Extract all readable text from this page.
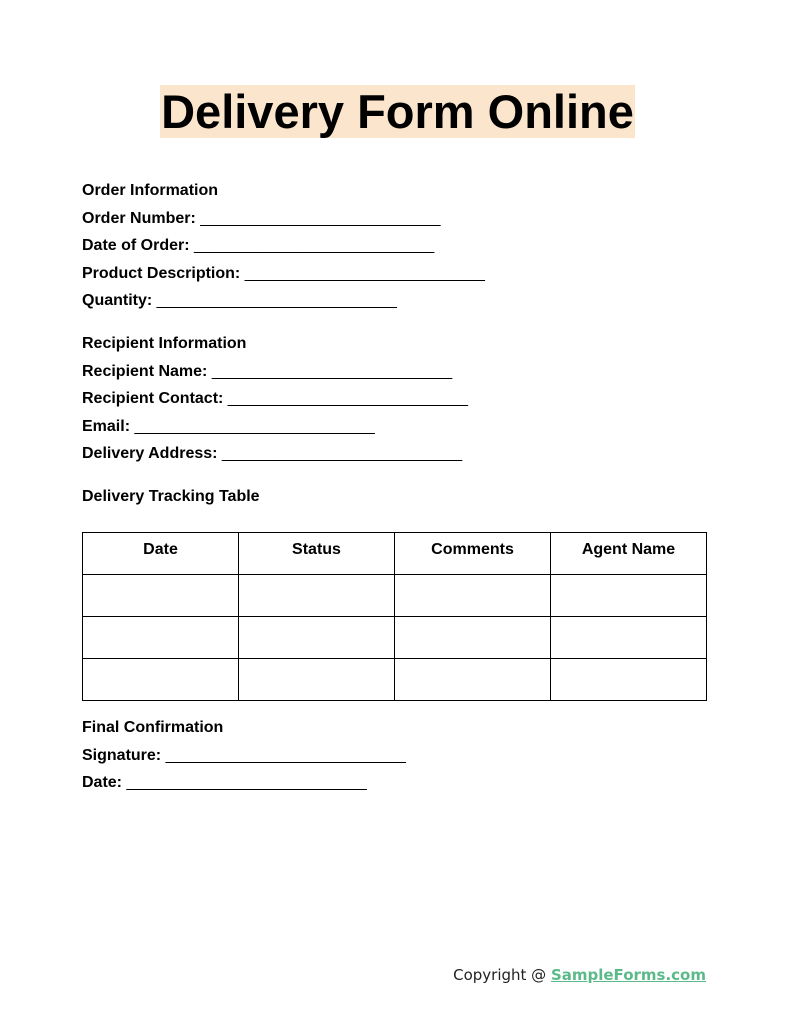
Delivery Form Online
Order Information
Order Number: ___________________________
Date of Order: ___________________________
Product Description: ___________________________
Quantity: ___________________________
Recipient Information
Recipient Name: ___________________________
Recipient Contact: ___________________________
Email: ___________________________
Delivery Address: ___________________________
Delivery Tracking Table
Date	Status	Comments	Agent Name

Final Confirmation
Signature: ___________________________
Date: ___________________________
Copyright @ SampleForms.com
